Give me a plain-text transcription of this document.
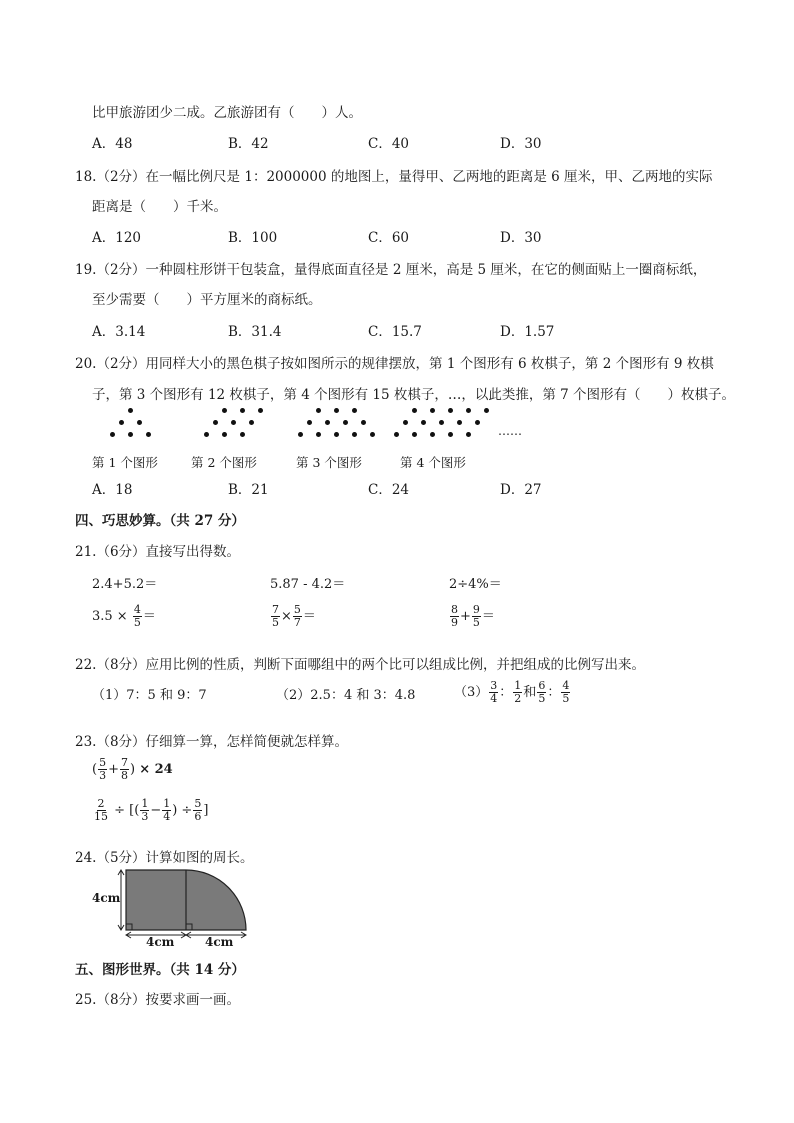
比甲旅游团少二成。乙旅游团有（　　）人。
A．48	B．42	C．40	D．30
18.（2分）在一幅比例尺是 1：2000000 的地图上，量得甲、乙两地的距离是 6 厘米，甲、乙两地的实际
距离是（　　）千米。
A．120	B．100	C．60	D．30
19.（2分）一种圆柱形饼干包装盒，量得底面直径是 2 厘米，高是 5 厘米，在它的侧面贴上一圈商标纸，
至少需要（　　）平方厘米的商标纸。
A．3.14	B．31.4	C．15.7	D．1.57
20.（2分）用同样大小的黑色棋子按如图所示的规律摆放，第 1 个图形有 6 枚棋子，第 2 个图形有 9 枚棋
子，第 3 个图形有 12 枚棋子，第 4 个图形有 15 枚棋子，…，以此类推，第 7 个图形有（　　）枚棋子。
……
第 1 个图形	第 2 个图形	第 3 个图形	第 4 个图形
A．18	B．21	C．24	D．27
四、巧思妙算。（共 27 分）
21.（6分）直接写出得数。
2.4+5.2＝	5.87 - 4.2＝	2÷4%＝
$3.5 \times \frac{4}{5}$ ＝	$\frac{7}{5} \times \frac{5}{7}$ ＝	$\frac{8}{9} + \frac{9}{5}$ ＝
22.（8分）应用比例的性质，判断下面哪组中的两个比可以组成比例，并把组成的比例写出来。
（1）7：5 和 9：7	（2）2.5：4 和 3：4.8	$(3) \frac{3}{4}$ ： $\frac{1}{2}$ 和 $\frac{6}{5}$ ： $\frac{4}{5}$
23.（8分）仔细算一算，怎样简便就怎样算。
( $\frac{5}{3} + \frac{7}{8}$ ) × 24
$\frac{2}{15}$ ÷ [( $\frac{1}{3} - \frac{1}{4}$ ) ÷ $\frac{5}{6}$ ]
24.（5分）计算如图的周长。
4cm
4cm	4cm
五、图形世界。（共 14 分）
25.（8分）按要求画一画。
